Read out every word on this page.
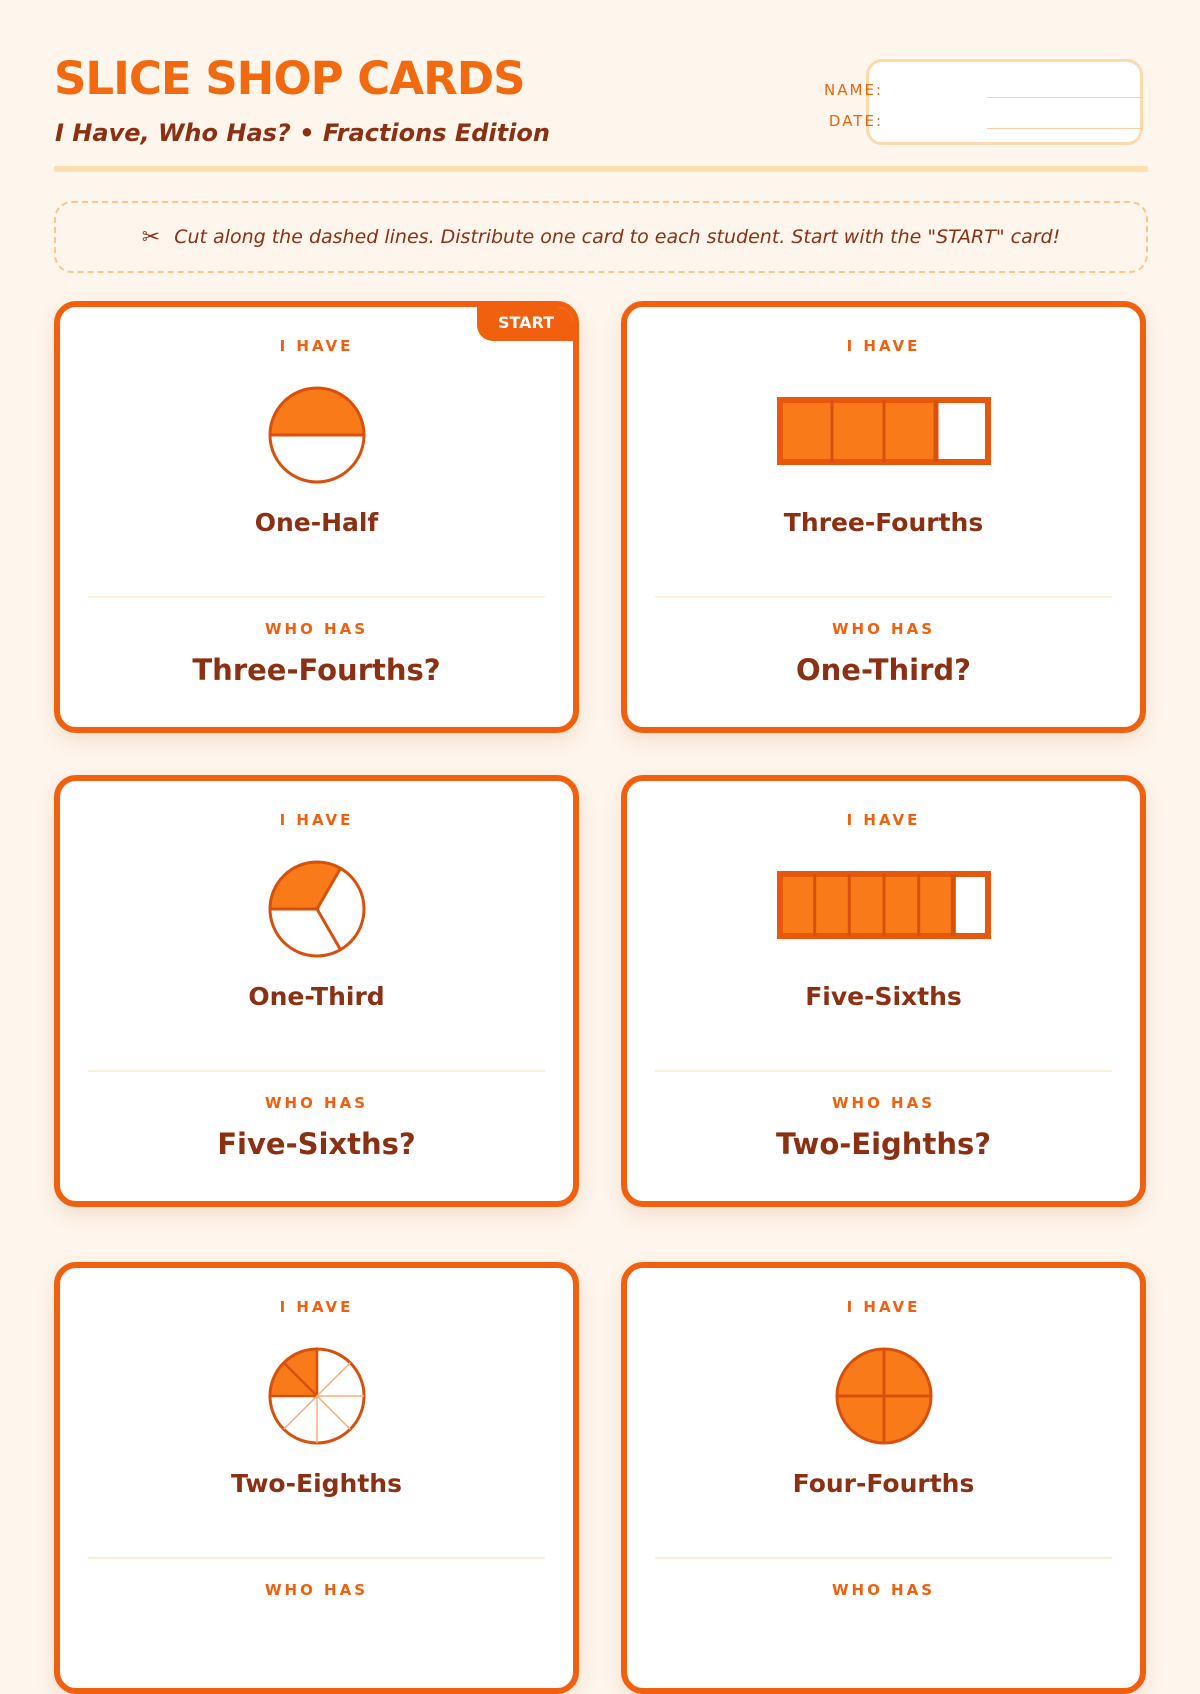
SLICE SHOP CARDS
I Have, Who Has? • Fractions Edition
NAME:
DATE:
✂ Cut along the dashed lines. Distribute one card to each student. Start with the "START" card!
START
I HAVE
One-Half
WHO HAS
Three-Fourths?
I HAVE
Three-Fourths
WHO HAS
One-Third?
I HAVE
One-Third
WHO HAS
Five-Sixths?
I HAVE
Five-Sixths
WHO HAS
Two-Eighths?
I HAVE
Two-Eighths
WHO HAS
I HAVE
Four-Fourths
WHO HAS
